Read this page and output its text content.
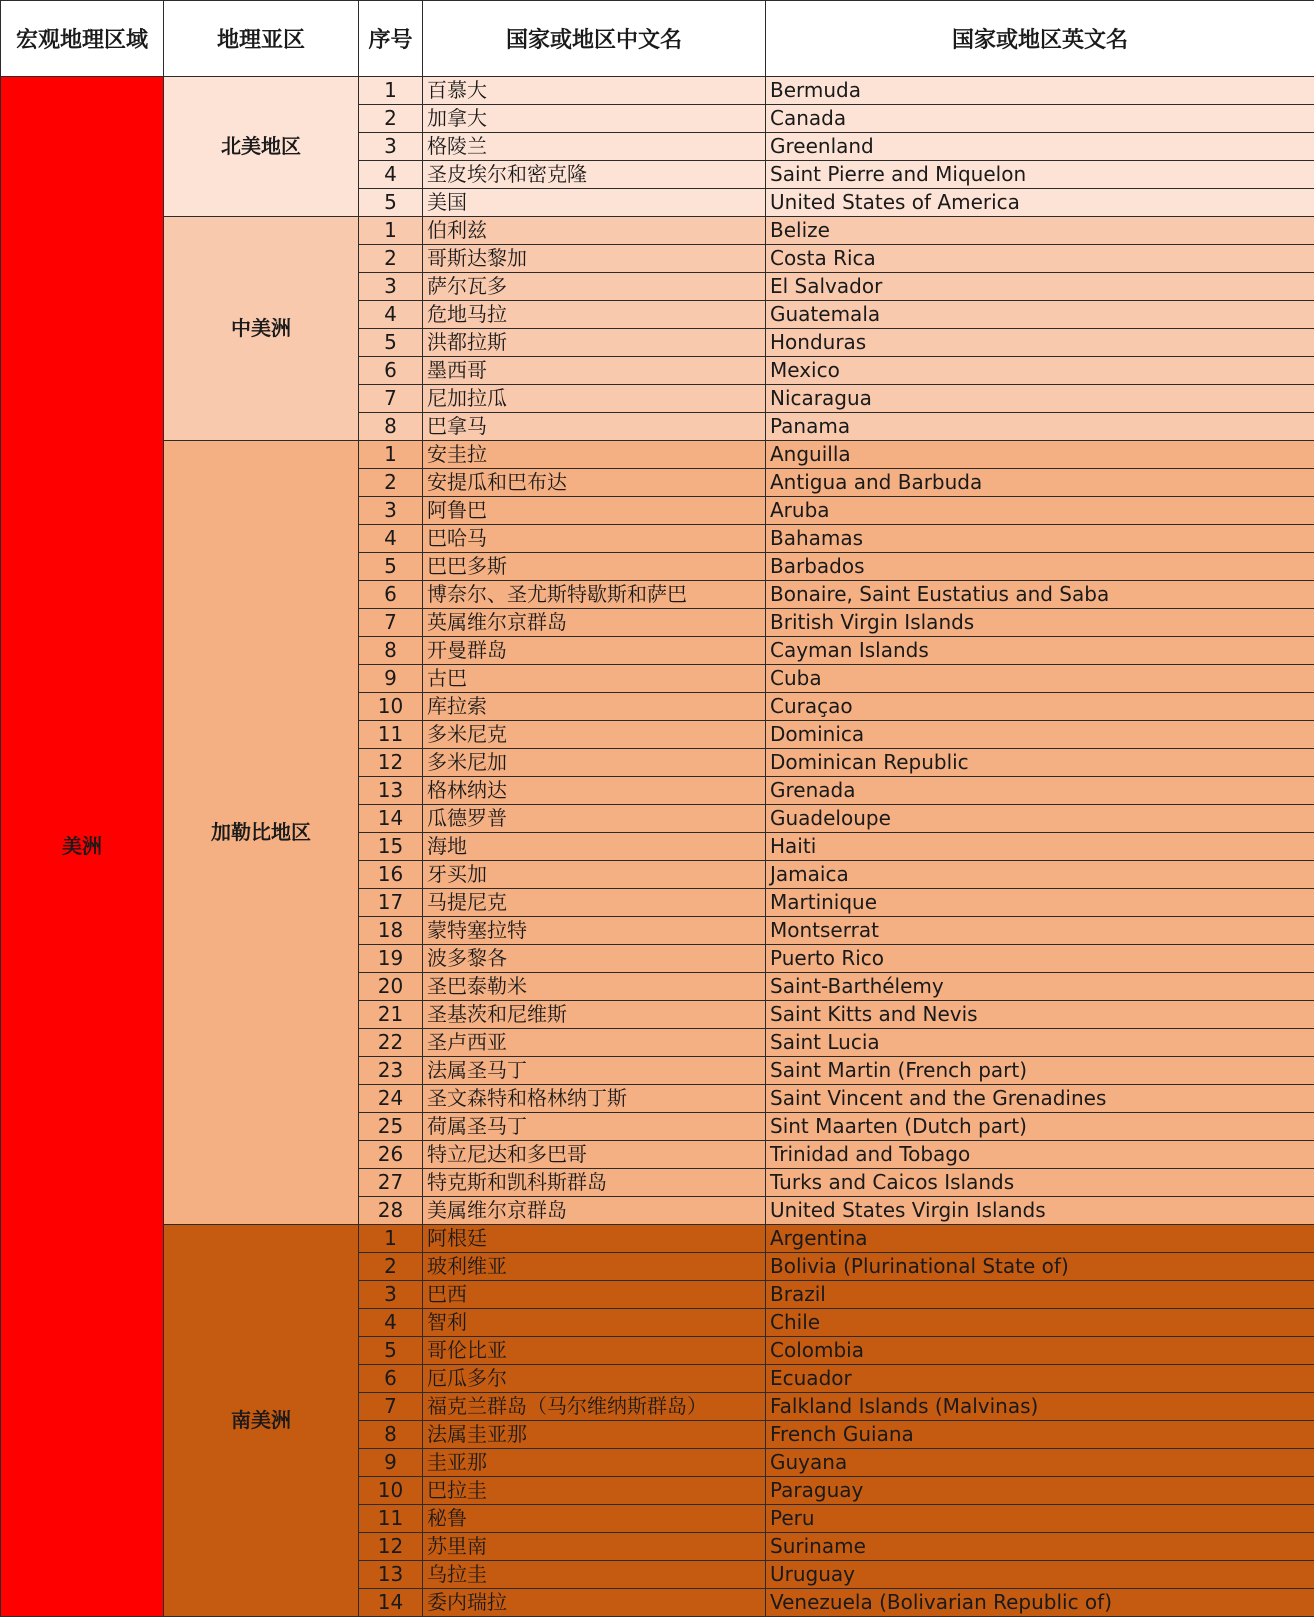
宏观地理区域	地理亚区	序号	国家或地区中文名	国家或地区英文名
美洲	北美地区	1	百慕大	Bermuda
		2	加拿大	Canada
		3	格陵兰	Greenland
		4	圣皮埃尔和密克隆	Saint Pierre and Miquelon
		5	美国	United States of America
	中美洲	1	伯利兹	Belize
		2	哥斯达黎加	Costa Rica
		3	萨尔瓦多	El Salvador
		4	危地马拉	Guatemala
		5	洪都拉斯	Honduras
		6	墨西哥	Mexico
		7	尼加拉瓜	Nicaragua
		8	巴拿马	Panama
	加勒比地区	1	安圭拉	Anguilla
		2	安提瓜和巴布达	Antigua and Barbuda
		3	阿鲁巴	Aruba
		4	巴哈马	Bahamas
		5	巴巴多斯	Barbados
		6	博奈尔、圣尤斯特歇斯和萨巴	Bonaire, Saint Eustatius and Saba
		7	英属维尔京群岛	British Virgin Islands
		8	开曼群岛	Cayman Islands
		9	古巴	Cuba
		10	库拉索	Curaçao
		11	多米尼克	Dominica
		12	多米尼加	Dominican Republic
		13	格林纳达	Grenada
		14	瓜德罗普	Guadeloupe
		15	海地	Haiti
		16	牙买加	Jamaica
		17	马提尼克	Martinique
		18	蒙特塞拉特	Montserrat
		19	波多黎各	Puerto Rico
		20	圣巴泰勒米	Saint-Barthélemy
		21	圣基茨和尼维斯	Saint Kitts and Nevis
		22	圣卢西亚	Saint Lucia
		23	法属圣马丁	Saint Martin (French part)
		24	圣文森特和格林纳丁斯	Saint Vincent and the Grenadines
		25	荷属圣马丁	Sint Maarten (Dutch part)
		26	特立尼达和多巴哥	Trinidad and Tobago
		27	特克斯和凯科斯群岛	Turks and Caicos Islands
		28	美属维尔京群岛	United States Virgin Islands
	南美洲	1	阿根廷	Argentina
		2	玻利维亚	Bolivia (Plurinational State of)
		3	巴西	Brazil
		4	智利	Chile
		5	哥伦比亚	Colombia
		6	厄瓜多尔	Ecuador
		7	福克兰群岛（马尔维纳斯群岛）	Falkland Islands (Malvinas)
		8	法属圭亚那	French Guiana
		9	圭亚那	Guyana
		10	巴拉圭	Paraguay
		11	秘鲁	Peru
		12	苏里南	Suriname
		13	乌拉圭	Uruguay
		14	委内瑞拉	Venezuela (Bolivarian Republic of)
